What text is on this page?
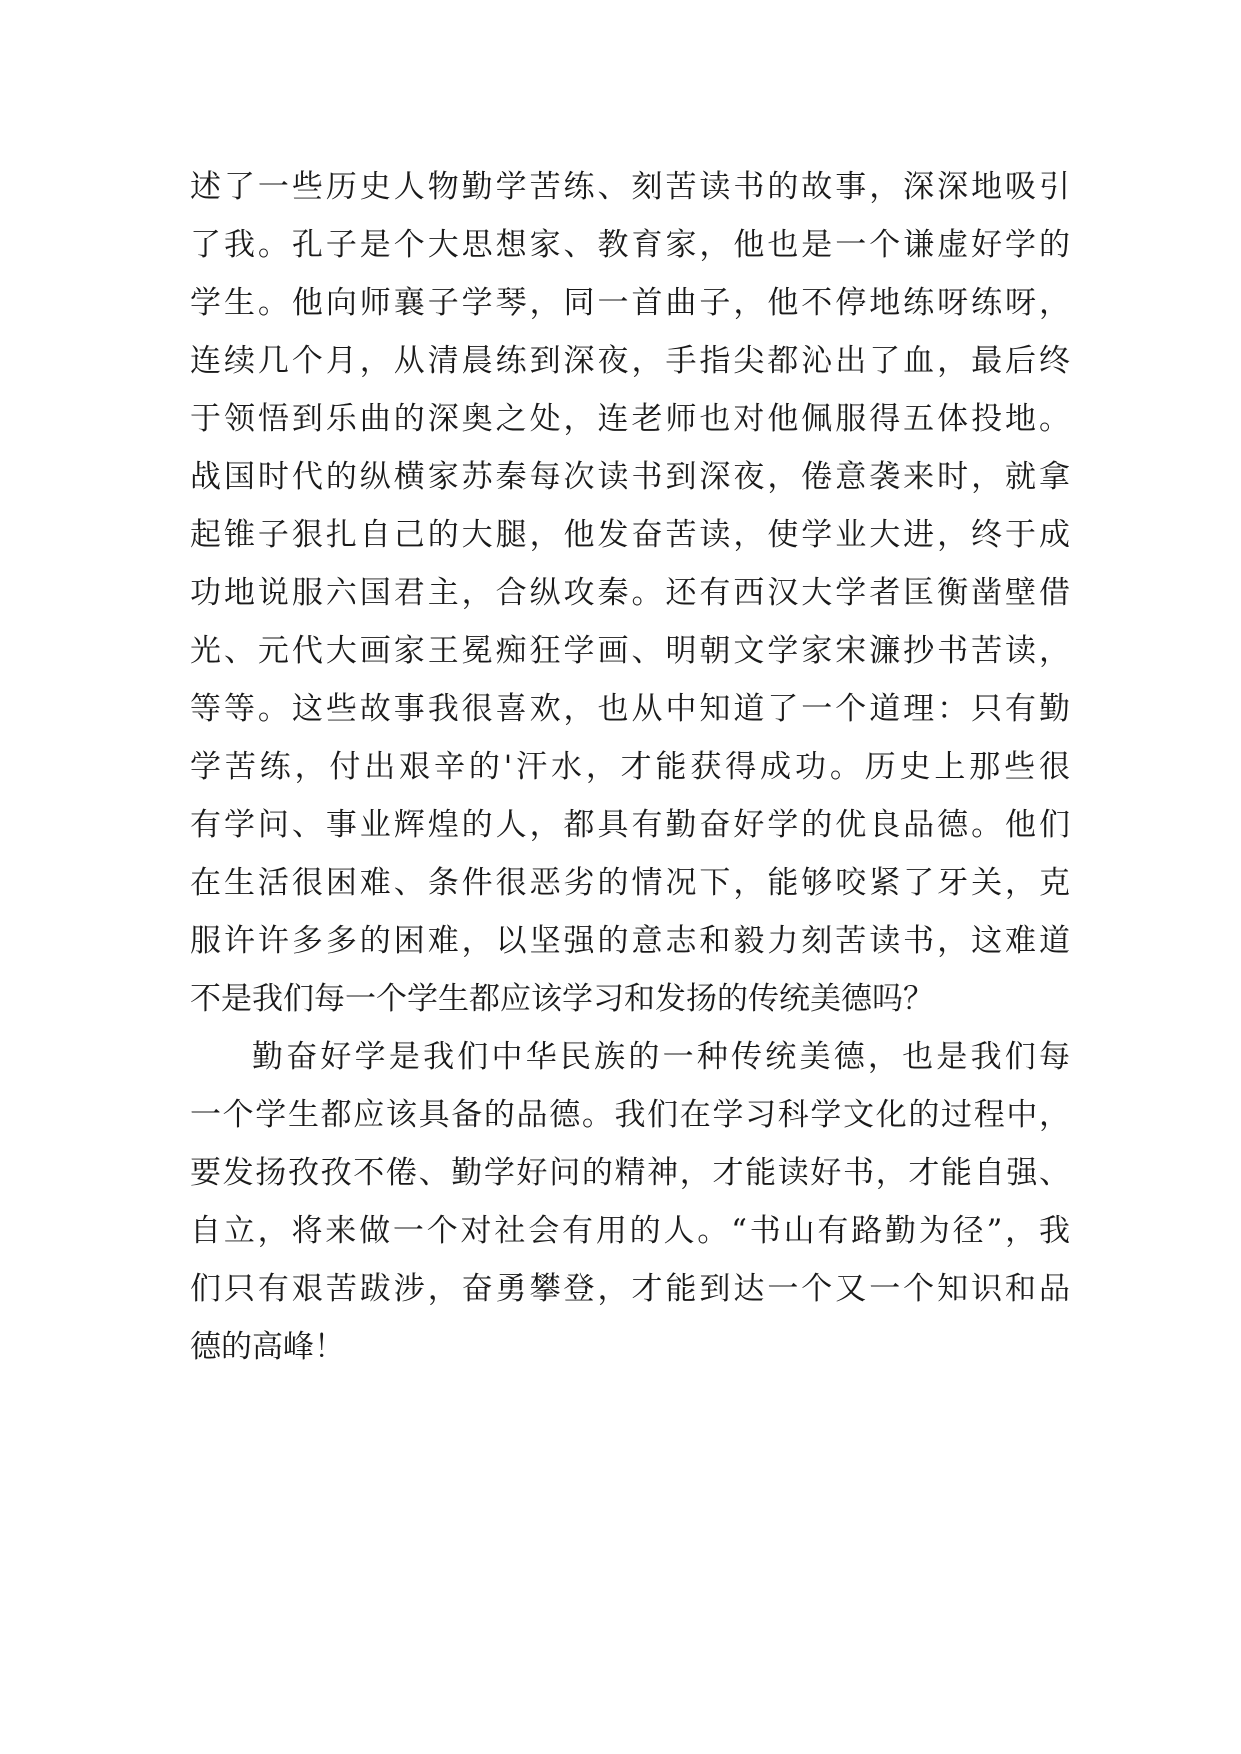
述了一些历史人物勤学苦练、刻苦读书的故事，深深地吸引
了我。孔子是个大思想家、教育家，他也是一个谦虚好学的
学生。他向师襄子学琴，同一首曲子，他不停地练呀练呀，
连续几个月，从清晨练到深夜，手指尖都沁出了血，最后终
于领悟到乐曲的深奥之处，连老师也对他佩服得五体投地。
战国时代的纵横家苏秦每次读书到深夜，倦意袭来时，就拿
起锥子狠扎自己的大腿，他发奋苦读，使学业大进，终于成
功地说服六国君主，合纵攻秦。还有西汉大学者匡衡凿壁借
光、元代大画家王冕痴狂学画、明朝文学家宋濂抄书苦读，
等等。这些故事我很喜欢，也从中知道了一个道理：只有勤
学苦练，付出艰辛的'汗水，才能获得成功。历史上那些很
有学问、事业辉煌的人，都具有勤奋好学的优良品德。他们
在生活很困难、条件很恶劣的情况下，能够咬紧了牙关，克
服许许多多的困难，以坚强的意志和毅力刻苦读书，这难道
不是我们每一个学生都应该学习和发扬的传统美德吗？
勤奋好学是我们中华民族的一种传统美德，也是我们每
一个学生都应该具备的品德。我们在学习科学文化的过程中，
要发扬孜孜不倦、勤学好问的精神，才能读好书，才能自强、
自立，将来做一个对社会有用的人。“书山有路勤为径”，我
们只有艰苦跋涉，奋勇攀登，才能到达一个又一个知识和品
德的高峰！
